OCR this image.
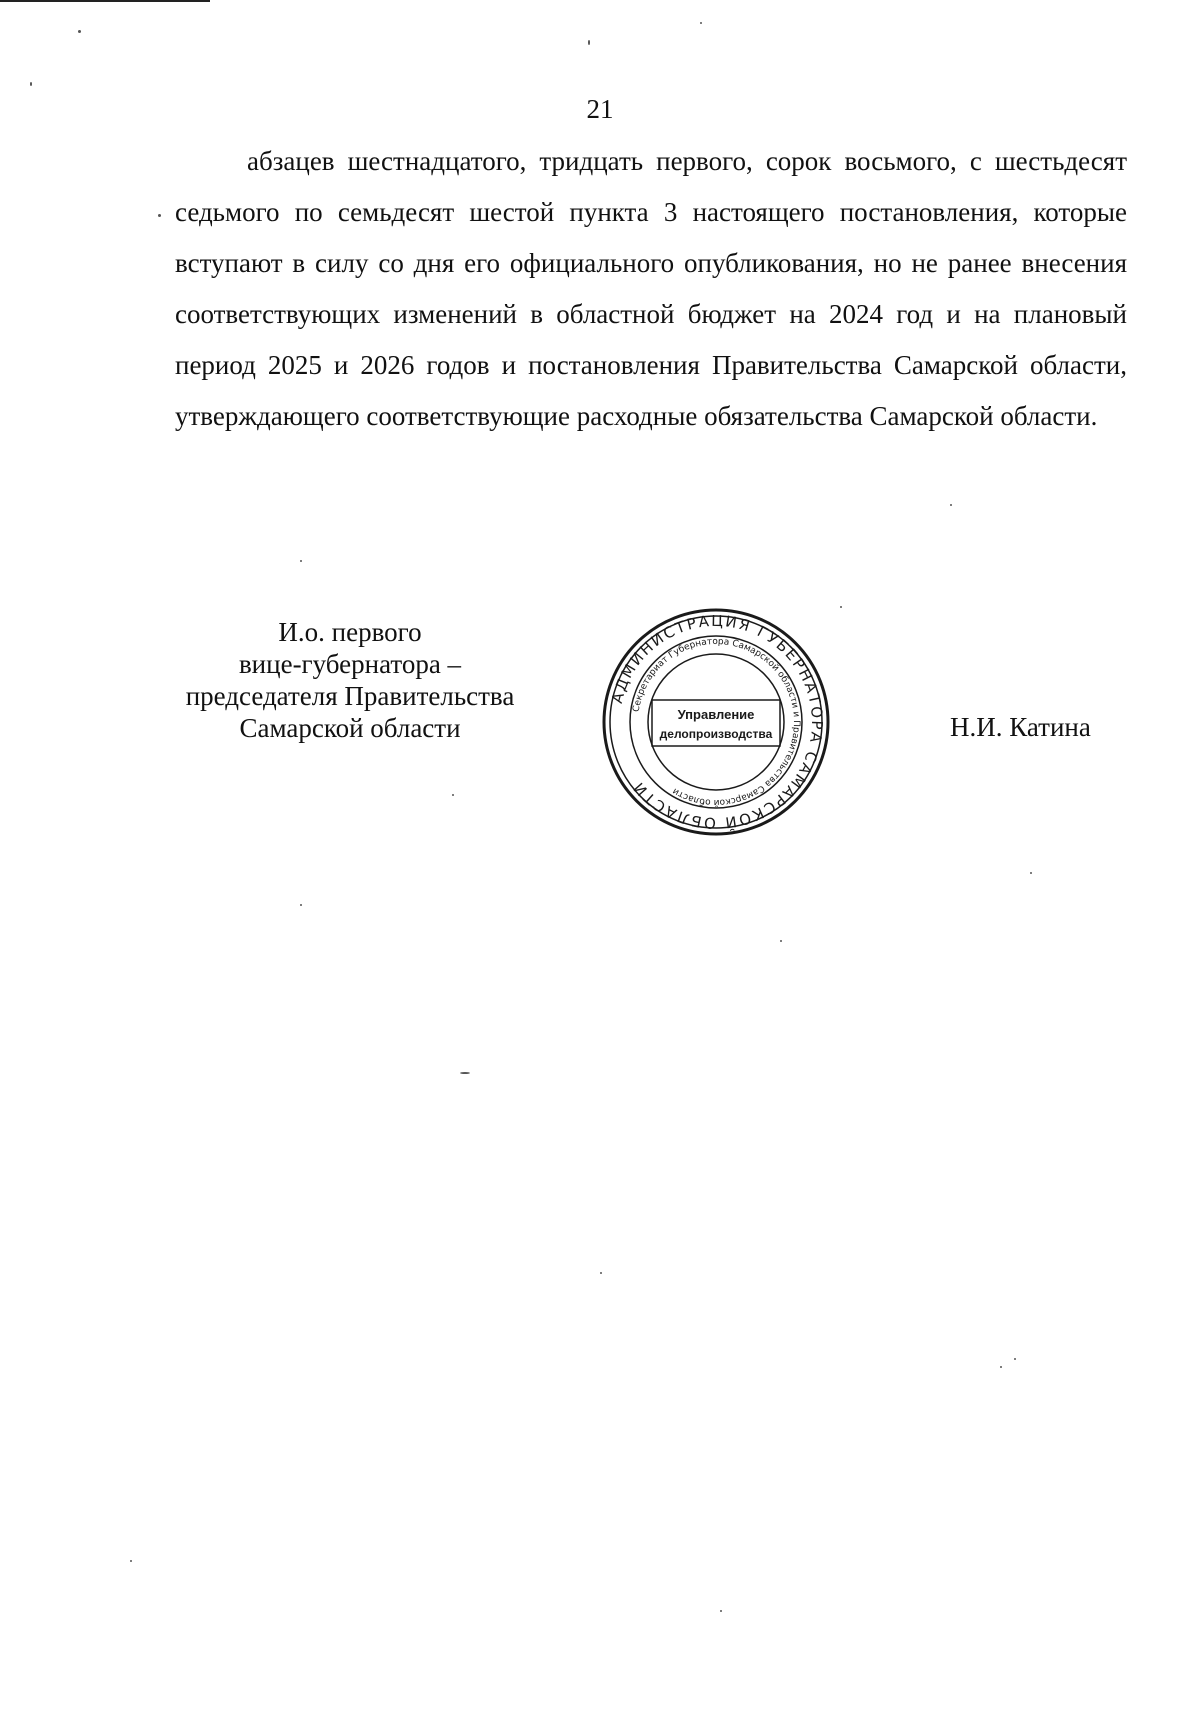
21

абзацев шестнадцатого, тридцать первого, сорок восьмого, с шестьдесят седьмого по семьдесят шестой пункта 3 настоящего постановления, которые вступают в силу со дня его официального опубликования, но не ранее внесения соответствующих изменений в областной бюджет на 2024 год и на плановый период 2025 и 2026 годов и постановления Правительства Самарской области, утверждающего соответствующие расходные обязательства Самарской области.

И.о. первого
вице-губернатора –
председателя Правительства
Самарской области
АДМИНИСТРАЦИЯ ГУБЕРНАТОРА САМАРСКОЙ ОБЛАСТИ
Секретариат Губернатора Самарской области и Правительства Самарской области
Управление
делопроизводства	Н.И. Катина
